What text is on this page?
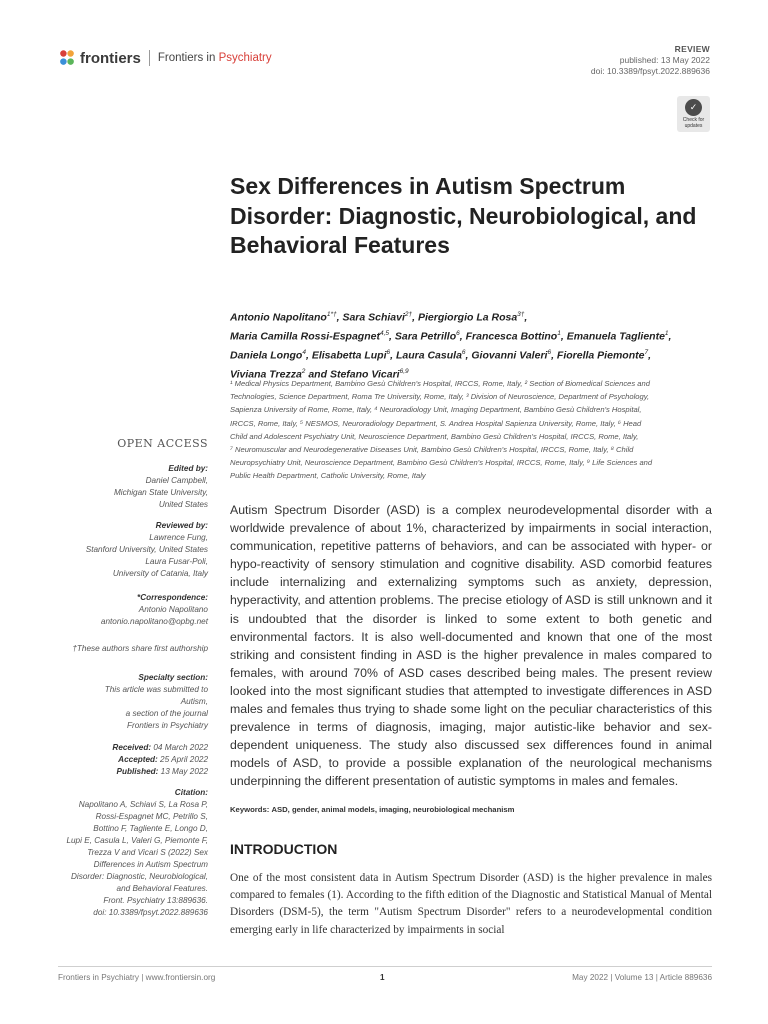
frontiers Frontiers in Psychiatry
REVIEW
published: 13 May 2022
doi: 10.3389/fpsyt.2022.889636
✓
Check for
updates
Sex Differences in Autism Spectrum Disorder: Diagnostic, Neurobiological, and Behavioral Features
Antonio Napolitano$^{1*\dagger}$, Sara Schiavi$^{2\dagger}$, Piergiorgio La Rosa$^{3\dagger}$,
Maria Camilla Rossi-Espagnet$^{4,5}$, Sara Petrillo$^6$, Francesca Bottino$^1$, Emanuela Tagliente$^1$,
Daniela Longo$^4$, Elisabetta Lupi$^6$, Laura Casula$^6$, Giovanni Valeri$^6$, Fiorella Piemonte$^7$,
Viviana Trezza$^2$ and Stefano Vicari$^{6,9}$
¹ Medical Physics Department, Bambino Gesù Children's Hospital, IRCCS, Rome, Italy, ² Section of Biomedical Sciences and
Technologies, Science Department, Roma Tre University, Rome, Italy, ³ Division of Neuroscience, Department of Psychology,
Sapienza University of Rome, Rome, Italy, ⁴ Neuroradiology Unit, Imaging Department, Bambino Gesù Children's Hospital,
IRCCS, Rome, Italy, ⁵ NESMOS, Neuroradiology Department, S. Andrea Hospital Sapienza University, Rome, Italy, ⁶ Head
Child and Adolescent Psychiatry Unit, Neuroscience Department, Bambino Gesù Children's Hospital, IRCCS, Rome, Italy,
⁷ Neuromuscular and Neurodegenerative Diseases Unit, Bambino Gesù Children's Hospital, IRCCS, Rome, Italy, ⁸ Child
Neuropsychiatry Unit, Neuroscience Department, Bambino Gesù Children's Hospital, IRCCS, Rome, Italy, ⁹ Life Sciences and
Public Health Department, Catholic University, Rome, Italy
OPEN ACCESS
Edited by:
Daniel Campbell,
Michigan State University,
United States
Reviewed by:
Lawrence Fung,
Stanford University, United States
Laura Fusar-Poli,
University of Catania, Italy
*Correspondence:
Antonio Napolitano
antonio.napolitano@opbg.net
†These authors share first authorship
Specialty section:
This article was submitted to
Autism,
a section of the journal
Frontiers in Psychiatry
Received: 04 March 2022
Accepted: 25 April 2022
Published: 13 May 2022
Citation:
Napolitano A, Schiavi S, La Rosa P,
Rossi-Espagnet MC, Petrillo S,
Bottino F, Tagliente E, Longo D,
Lupi E, Casula L, Valeri G, Piemonte F,
Trezza V and Vicari S (2022) Sex
Differences in Autism Spectrum
Disorder: Diagnostic, Neurobiological,
and Behavioral Features.
Front. Psychiatry 13:889636.
doi: 10.3389/fpsyt.2022.889636

Autism Spectrum Disorder (ASD) is a complex neurodevelopmental disorder with a worldwide prevalence of about 1%, characterized by impairments in social interaction, communication, repetitive patterns of behaviors, and can be associated with hyper- or hypo-reactivity of sensory stimulation and cognitive disability. ASD comorbid features include internalizing and externalizing symptoms such as anxiety, depression, hyperactivity, and attention problems. The precise etiology of ASD is still unknown and it is undoubted that the disorder is linked to some extent to both genetic and environmental factors. It is also well-documented and known that one of the most striking and consistent finding in ASD is the higher prevalence in males compared to females, with around 70% of ASD cases described being males. The present review looked into the most significant studies that attempted to investigate differences in ASD males and females thus trying to shade some light on the peculiar characteristics of this prevalence in terms of diagnosis, imaging, major autistic-like behavior and sex-dependent uniqueness. The study also discussed sex differences found in animal models of ASD, to provide a possible explanation of the neurological mechanisms underpinning the different presentation of autistic symptoms in males and females.

Keywords: ASD, gender, animal models, imaging, neurobiological mechanism
INTRODUCTION

One of the most consistent data in Autism Spectrum Disorder (ASD) is the higher prevalence in males compared to females (1). According to the fifth edition of the Diagnostic and Statistical Manual of Mental Disorders (DSM-5), the term "Autism Spectrum Disorder" refers to a neurodevelopmental condition emerging early in life characterized by impairments in social

Frontiers in Psychiatry | www.frontiersin.org	1	May 2022 | Volume 13 | Article 889636
